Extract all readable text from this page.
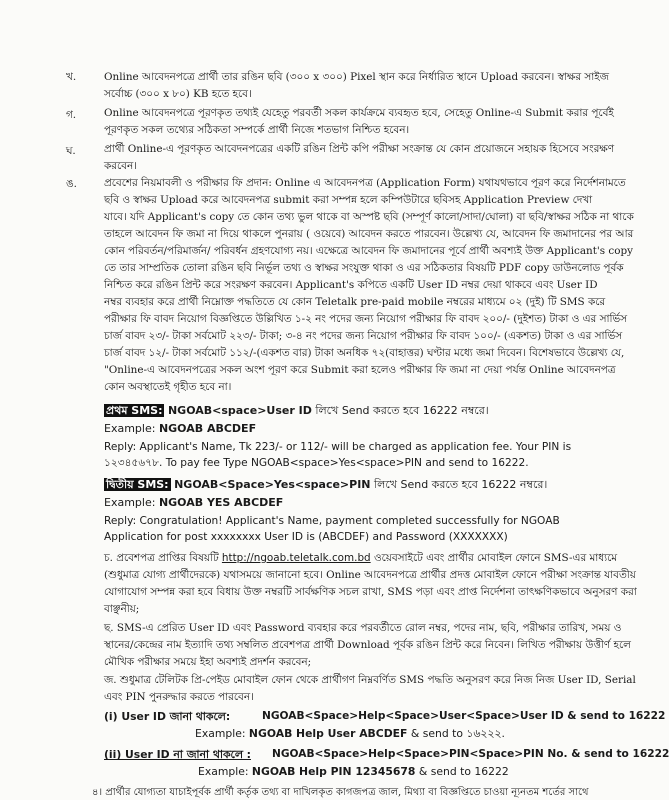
খ.	Online আবেদনপত্রে প্রার্থী তার রঙিন ছবি (৩০০ x ৩০০) Pixel স্থান করে নির্ধারিত স্থানে Upload করবেন। স্বাক্ষর সাইজ
সর্বোচ্চ (৩০০ x ৮০) KB হতে হবে।
গ.	Online আবেদনপত্রে পূরণকৃত তথ্যই যেহেতু পরবর্তী সকল কার্যক্রমে ব্যবহৃত হবে, সেহেতু Online-এ Submit করার পূর্বেই
পূরণকৃত সকল তথ্যের সঠিকতা সম্পর্কে প্রার্থী নিজে শতভাগ নিশ্চিত হবেন।
ঘ.	প্রার্থী Online-এ পূরণকৃত আবেদনপত্রের একটি রঙিন প্রিন্ট কপি পরীক্ষা সংক্রান্ত যে কোন প্রয়োজনে সহায়ক হিসেবে সংরক্ষণ
করবেন।
ঙ.	প্রবেশের নিয়মাবলী ও পরীক্ষার ফি প্রদান: Online এ আবেদনপত্র (Application Form) যথাযথভাবে পূরণ করে নির্দেশনামতে
ছবি ও স্বাক্ষর Upload করে আবেদনপত্র submit করা সম্পন্ন হলে কম্পিউটারে ছবিসহ Application Preview দেখা
যাবে। যদি Applicant's copy তে কোন তথ্য ভুল থাকে বা অস্পষ্ট ছবি (সম্পূর্ণ কালো/সাদা/ঘোলা) বা ছবি/স্বাক্ষর সঠিক না থাকে
তাহলে আবেদন ফি জমা না দিয়ে থাকলে পুনরায় ( ওয়েবে) আবেদন করতে পারবেন। উল্লেখ্য যে, আবেদন ফি জমাদানের পর আর
কোন পরিবর্তন/পরিমার্জন/ পরিবর্ধন গ্রহণযোগ্য নয়। এক্ষেত্রে আবেদন ফি জমাদানের পূর্বে প্রার্থী অবশ্যই উক্ত Applicant's copy
তে তার সাম্প্রতিক তোলা রঙিন ছবি নির্ভূল তথ্য ও স্বাক্ষর সংযুক্ত থাকা ও এর সঠিকতার বিষয়টি PDF copy ডাউনলোড পূর্বক
নিশ্চিত করে রঙিন প্রিন্ট করে সংরক্ষণ করবেন। Applicant's কপিতে একটি User ID নম্বর দেয়া থাকবে এবং User ID
নম্বর ব্যবহার করে প্রার্থী নিম্নোক্ত পদ্ধতিতে যে কোন Teletalk pre-paid mobile নম্বরের মাধ্যমে ০২ (দুই) টি SMS করে
পরীক্ষার ফি বাবদ নিয়োগ বিজ্ঞপ্তিতে উল্লিখিত ১-২ নং পদের জন্য নিয়োগ পরীক্ষার ফি বাবদ ২০০/- (দুইশত) টাকা ও এর সার্ভিস
চার্জ বাবদ ২৩/- টাকা সর্বমোট ২২৩/- টাকা; ৩-৪ নং পদের জন্য নিয়োগ পরীক্ষার ফি বাবদ ১০০/- (একশত) টাকা ও এর সার্ভিস
চার্জ বাবদ ১২/- টাকা সর্বমোট ১১২/-(একশত বার) টাকা অনধিক ৭২(বাহাত্তর) ঘণ্টার মধ্যে জমা দিবেন। বিশেষভাবে উল্লেখ্য যে,
"Online-এ আবেদনপত্রের সকল অংশ পূরণ করে Submit করা হলেও পরীক্ষার ফি জমা না দেয়া পর্যন্ত Online আবেদনপত্র
কোন অবস্থাতেই গৃহীত হবে না।
প্রথম SMS: NGOAB<space>User ID লিখে Send করতে হবে 16222 নম্বরে।
Example: NGOAB ABCDEF
Reply: Applicant's Name, Tk 223/- or 112/- will be charged as application fee. Your PIN is
১২৩৪৫৬৭৮. To pay fee Type NGOAB<space>Yes<space>PIN and send to 16222.
দ্বিতীয় SMS: NGOAB<Space>Yes<space>PIN লিখে Send করতে হবে 16222 নম্বরে।
Example: NGOAB YES ABCDEF
Reply: Congratulation! Applicant's Name, payment completed successfully for NGOAB
Application for post xxxxxxxx User ID is (ABCDEF) and Password (XXXXXXX)
চ. প্রবেশপত্র প্রাপ্তির বিষয়টি http://ngoab.teletalk.com.bd ওয়েবসাইটে এবং প্রার্থীর মোবাইল ফোনে SMS-এর মাধ্যমে
(শুধুমাত্র যোগ্য প্রার্থীদেরকে) যথাসময়ে জানানো হবে। Online আবেদনপত্রে প্রার্থীর প্রদত্ত মোবাইল ফোনে পরীক্ষা সংক্রান্ত যাবতীয়
যোগাযোগ সম্পন্ন করা হবে বিধায় উক্ত নম্বরটি সার্বক্ষণিক সচল রাখা, SMS পড়া এবং প্রাপ্ত নির্দেশনা তাৎক্ষণিকভাবে অনুসরণ করা
বাঞ্ছনীয়;
ছ. SMS-এ প্রেরিত User ID এবং Password ব্যবহার করে পরবর্তীতে রোল নম্বর, পদের নাম, ছবি, পরীক্ষার তারিখ, সময় ও
স্থানের/কেন্দ্রের নাম ইত্যাদি তথ্য সম্বলিত প্রবেশপত্র প্রার্থী Download পূর্বক রঙিন প্রিন্ট করে নিবেন। লিখিত পরীক্ষায় উত্তীর্ণ হলে
মৌখিক পরীক্ষার সময়ে ইহা অবশ্যই প্রদর্শন করবেন;
জ. শুধুমাত্র টেলিটক প্রি-পেইড মোবাইল ফোন থেকে প্রার্থীগণ নিম্নবর্ণিত SMS পদ্ধতি অনুসরণ করে নিজ নিজ User ID, Serial
এবং PIN পুনরুদ্ধার করতে পারবেন।
(i) User ID জানা থাকলে:	NGOAB<Space>Help<Space>User<Space>User ID & send to 16222
Example: NGOAB Help User ABCDEF & send to ১৬২২২.
(ii) User ID না জানা থাকলে : NGOAB<Space>Help<Space>PIN<Space>PIN No. & send to 16222
Example: NGOAB Help PIN 12345678 & send to 16222
৪। প্রার্থীর যোগ্যতা যাচাইপূর্বক প্রার্থী কর্তৃক তথ্য বা দাখিলকৃত কাগজপত্র জাল, মিথ্যা বা বিজ্ঞপ্তিতে চাওয়া ন্যূনতম শর্তের সাথে
